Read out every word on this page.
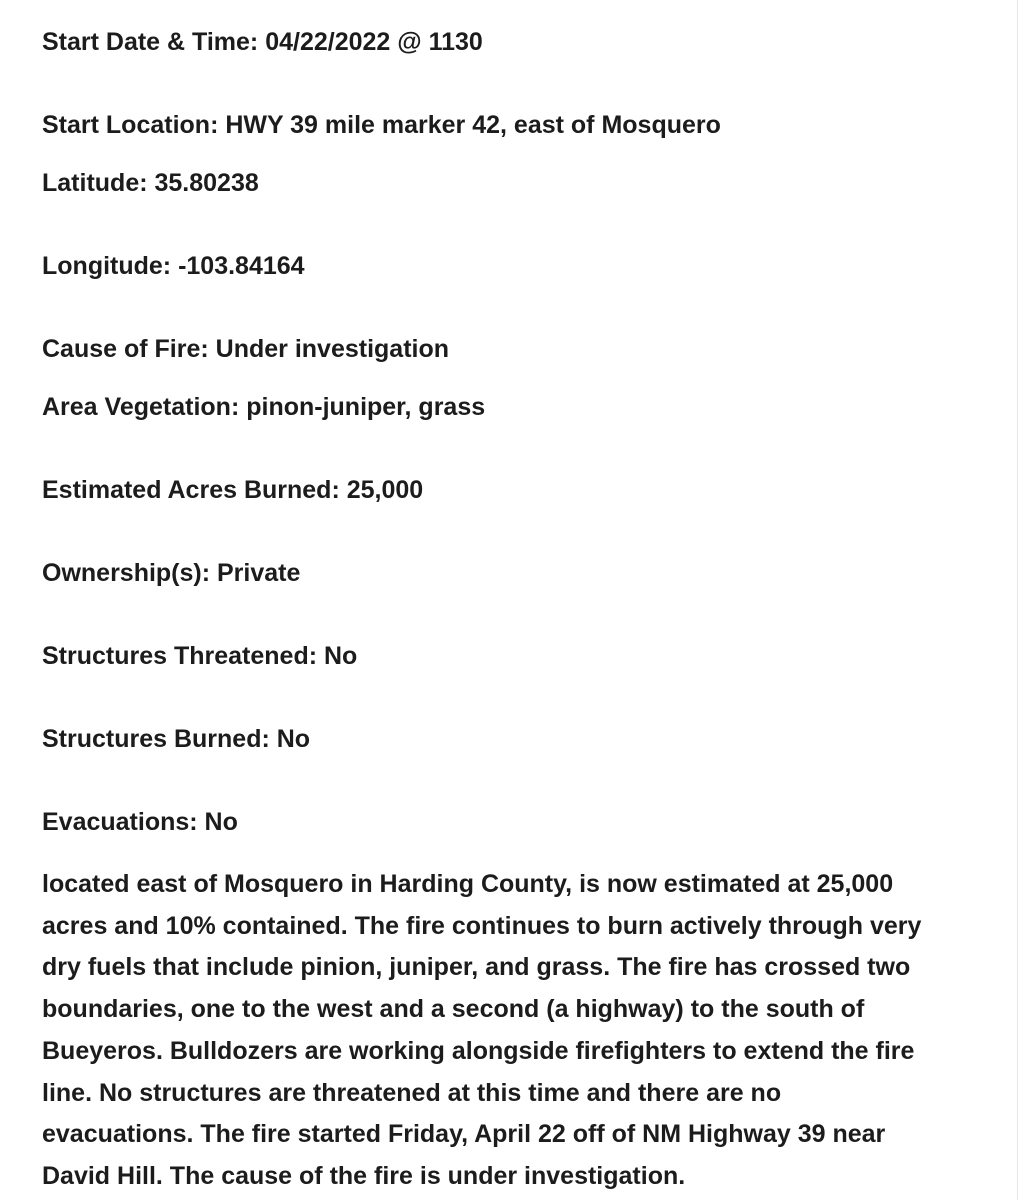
Start Date & Time: 04/22/2022 @ 1130
Start Location: HWY 39 mile marker 42, east of Mosquero
Latitude: 35.80238
Longitude: -103.84164
Cause of Fire: Under investigation
Area Vegetation: pinon-juniper, grass
Estimated Acres Burned: 25,000
Ownership(s): Private
Structures Threatened: No
Structures Burned: No
Evacuations: No
located east of Mosquero in Harding County, is now estimated at 25,000
acres and 10% contained. The fire continues to burn actively through very
dry fuels that include pinion, juniper, and grass. The fire has crossed two
boundaries, one to the west and a second (a highway) to the south of
Bueyeros. Bulldozers are working alongside firefighters to extend the fire
line. No structures are threatened at this time and there are no
evacuations. The fire started Friday, April 22 off of NM Highway 39 near
David Hill. The cause of the fire is under investigation.
